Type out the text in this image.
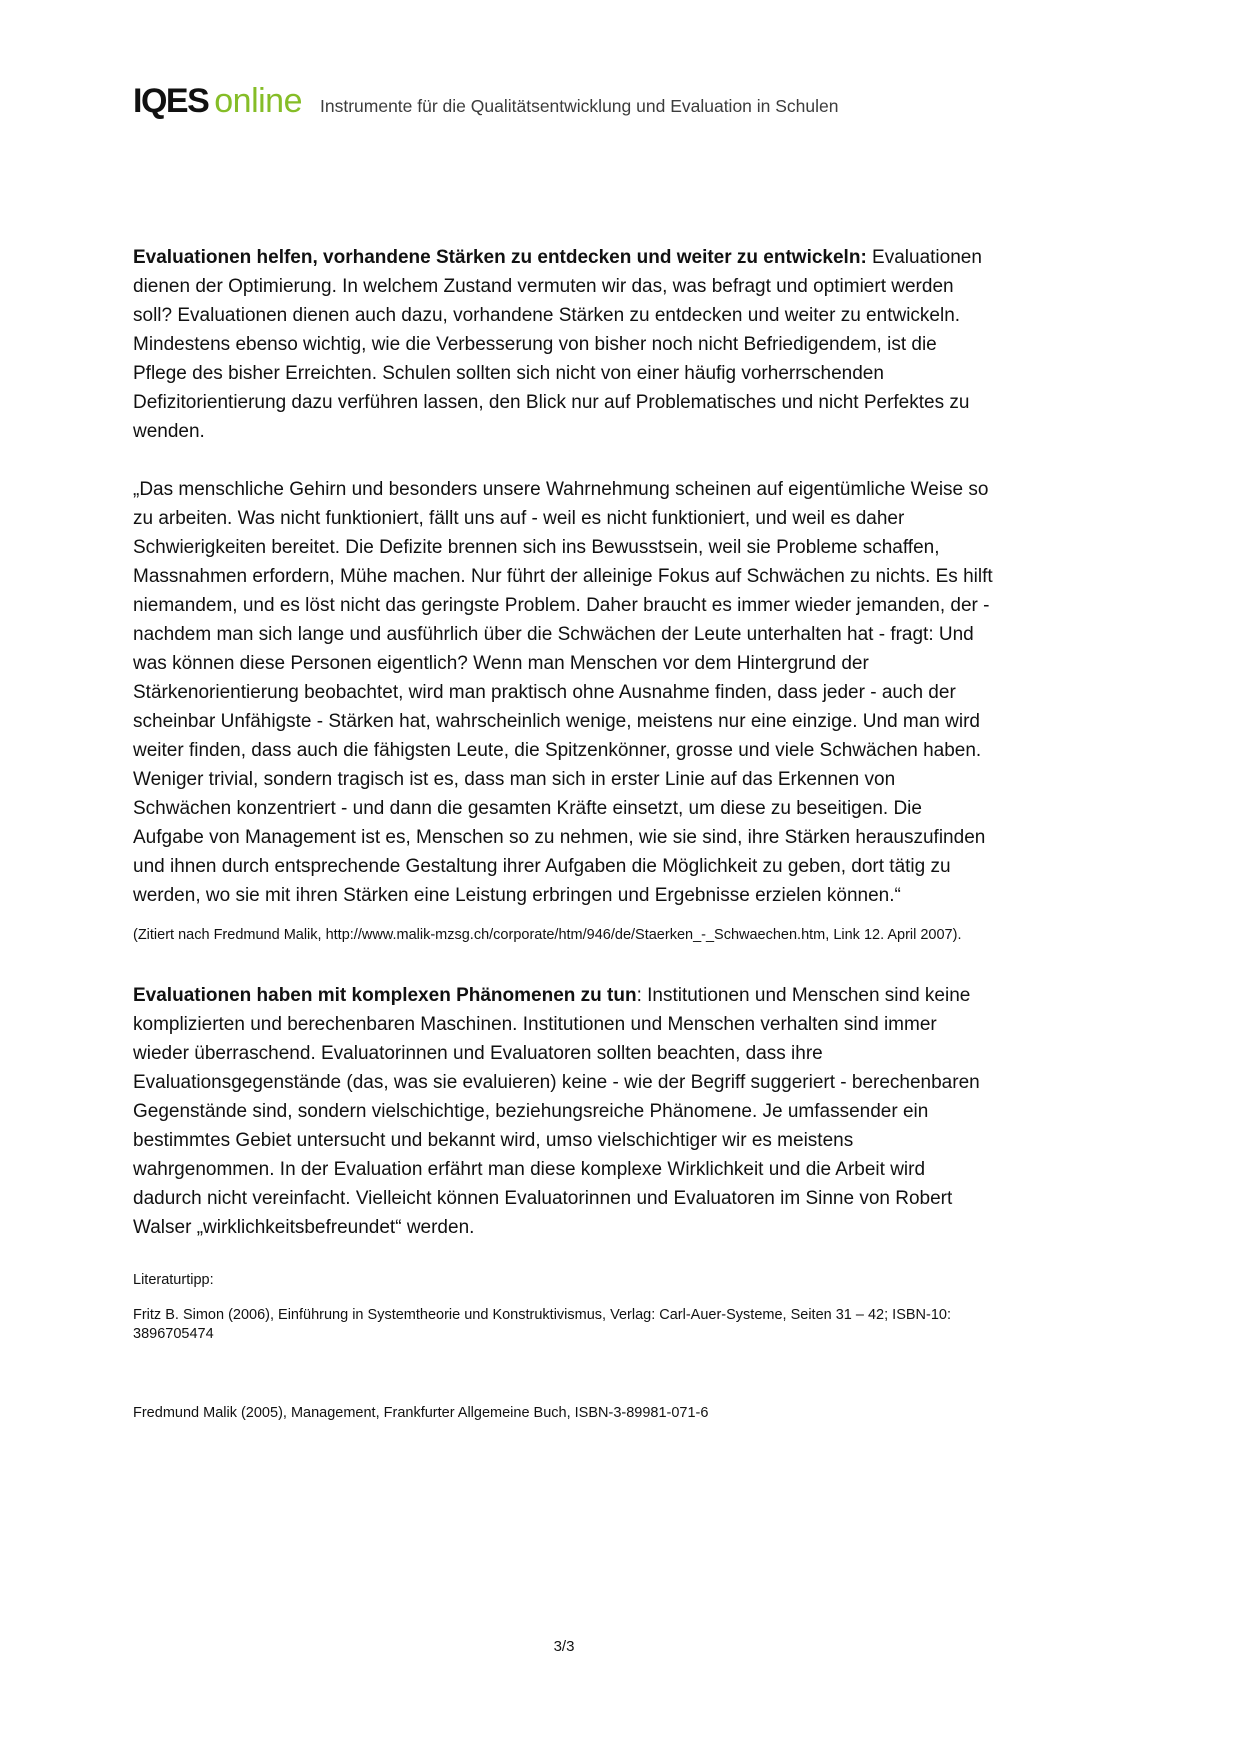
IQES online Instrumente für die Qualitätsentwicklung und Evaluation in Schulen

Evaluationen helfen, vorhandene Stärken zu entdecken und weiter zu entwickeln: Evaluationen dienen der Optimierung. In welchem Zustand vermuten wir das, was befragt und optimiert werden soll? Evaluationen dienen auch dazu, vorhandene Stärken zu entdecken und weiter zu entwickeln. Mindestens ebenso wichtig, wie die Verbesserung von bisher noch nicht Befriedigendem, ist die Pflege des bisher Erreichten. Schulen sollten sich nicht von einer häufig vorherrschenden Defizitorientierung dazu verführen lassen, den Blick nur auf Problematisches und nicht Perfektes zu wenden.

„Das menschliche Gehirn und besonders unsere Wahrnehmung scheinen auf eigentümliche Weise so zu arbeiten. Was nicht funktioniert, fällt uns auf - weil es nicht funktioniert, und weil es daher Schwierigkeiten bereitet. Die Defizite brennen sich ins Bewusstsein, weil sie Probleme schaffen, Massnahmen erfordern, Mühe machen. Nur führt der alleinige Fokus auf Schwächen zu nichts. Es hilft niemandem, und es löst nicht das geringste Problem. Daher braucht es immer wieder jemanden, der - nachdem man sich lange und ausführlich über die Schwächen der Leute unterhalten hat - fragt: Und was können diese Personen eigentlich? Wenn man Menschen vor dem Hintergrund der Stärkenorientierung beobachtet, wird man praktisch ohne Ausnahme finden, dass jeder - auch der scheinbar Unfähigste - Stärken hat, wahrscheinlich wenige, meistens nur eine einzige. Und man wird weiter finden, dass auch die fähigsten Leute, die Spitzenkönner, grosse und viele Schwächen haben. Weniger trivial, sondern tragisch ist es, dass man sich in erster Linie auf das Erkennen von Schwächen konzentriert - und dann die gesamten Kräfte einsetzt, um diese zu beseitigen. Die Aufgabe von Management ist es, Menschen so zu nehmen, wie sie sind, ihre Stärken herauszufinden und ihnen durch entsprechende Gestaltung ihrer Aufgaben die Möglichkeit zu geben, dort tätig zu werden, wo sie mit ihren Stärken eine Leistung erbringen und Ergebnisse erzielen können.“

(Zitiert nach Fredmund Malik, http://www.malik-mzsg.ch/corporate/htm/946/de/Staerken_-_Schwaechen.htm, Link 12. April 2007).

Evaluationen haben mit komplexen Phänomenen zu tun: Institutionen und Menschen sind keine komplizierten und berechenbaren Maschinen. Institutionen und Menschen verhalten sind immer wieder überraschend. Evaluatorinnen und Evaluatoren sollten beachten, dass ihre Evaluationsgegenstände (das, was sie evaluieren) keine - wie der Begriff suggeriert - berechenbaren Gegenstände sind, sondern vielschichtige, beziehungsreiche Phänomene. Je umfassender ein bestimmtes Gebiet untersucht und bekannt wird, umso vielschichtiger wir es meistens wahrgenommen. In der Evaluation erfährt man diese komplexe Wirklichkeit und die Arbeit wird dadurch nicht vereinfacht. Vielleicht können Evaluatorinnen und Evaluatoren im Sinne von Robert Walser „wirklichkeitsbefreundet“ werden.

Literaturtipp:

Fritz B. Simon (2006), Einführung in Systemtheorie und Konstruktivismus, Verlag: Carl-Auer-Systeme, Seiten 31 – 42; ISBN-10: 3896705474

Fredmund Malik (2005), Management, Frankfurter Allgemeine Buch, ISBN-3-89981-071-6

3/3
